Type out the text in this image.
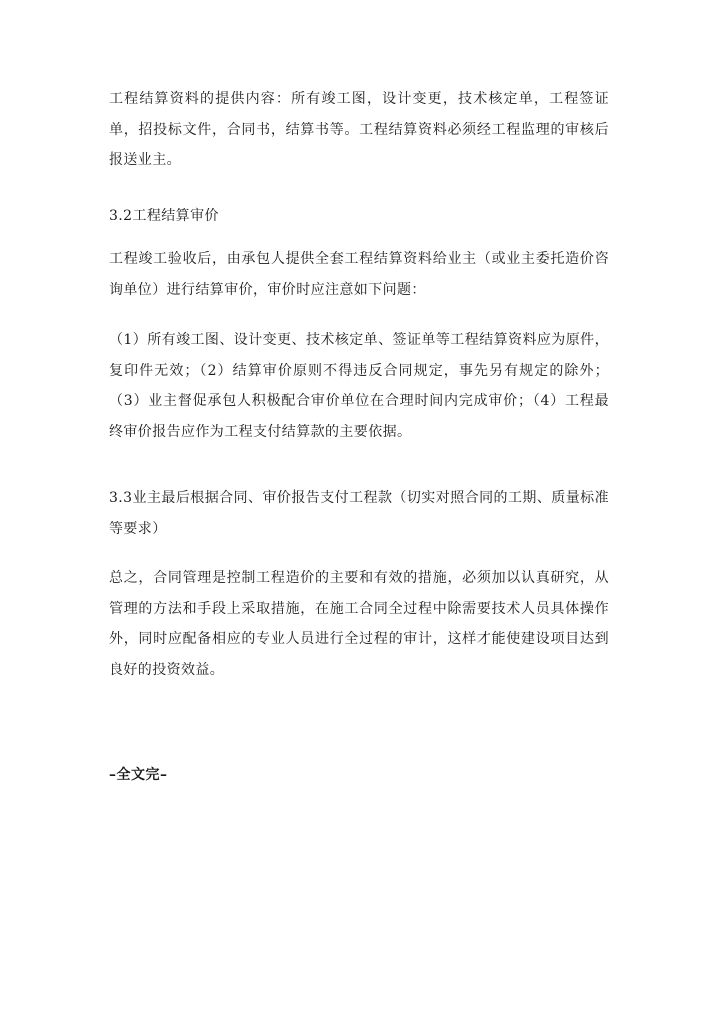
工程结算资料的提供内容：所有竣工图，设计变更，技术核定单，工程签证单，招投标文件，合同书，结算书等。工程结算资料必须经工程监理的审核后报送业主。

3.2工程结算审价

工程竣工验收后，由承包人提供全套工程结算资料给业主（或业主委托造价咨询单位）进行结算审价，审价时应注意如下问题：

（1）所有竣工图、设计变更、技术核定单、签证单等工程结算资料应为原件，复印件无效；（2）结算审价原则不得违反合同规定，事先另有规定的除外；（3）业主督促承包人积极配合审价单位在合理时间内完成审价；（4）工程最终审价报告应作为工程支付结算款的主要依据。

3.3业主最后根据合同、审价报告支付工程款（切实对照合同的工期、质量标准等要求）

总之，合同管理是控制工程造价的主要和有效的措施，必须加以认真研究，从管理的方法和手段上采取措施，在施工合同全过程中除需要技术人员具体操作外，同时应配备相应的专业人员进行全过程的审计，这样才能使建设项目达到良好的投资效益。

–全文完–
